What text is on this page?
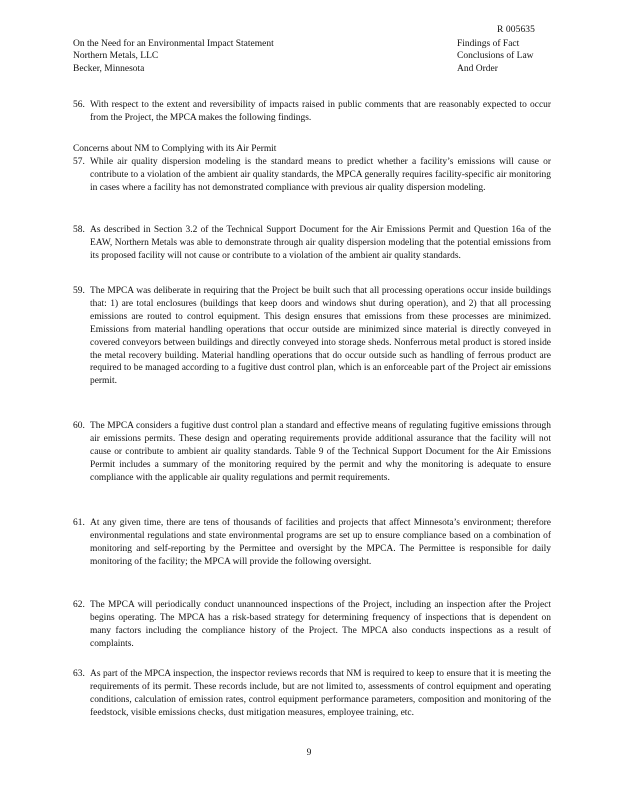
R 005635
On the Need for an Environmental Impact Statement
Northern Metals, LLC
Becker, Minnesota
Findings of Fact
Conclusions of Law
And Order
56. With respect to the extent and reversibility of impacts raised in public comments that are reasonably expected to occur from the Project, the MPCA makes the following findings.
Concerns about NM to Complying with its Air Permit
57. While air quality dispersion modeling is the standard means to predict whether a facility’s emissions will cause or contribute to a violation of the ambient air quality standards, the MPCA generally requires facility-specific air monitoring in cases where a facility has not demonstrated compliance with previous air quality dispersion modeling.
58. As described in Section 3.2 of the Technical Support Document for the Air Emissions Permit and Question 16a of the EAW, Northern Metals was able to demonstrate through air quality dispersion modeling that the potential emissions from its proposed facility will not cause or contribute to a violation of the ambient air quality standards.
59. The MPCA was deliberate in requiring that the Project be built such that all processing operations occur inside buildings that: 1) are total enclosures (buildings that keep doors and windows shut during operation), and 2) that all processing emissions are routed to control equipment. This design ensures that emissions from these processes are minimized. Emissions from material handling operations that occur outside are minimized since material is directly conveyed in covered conveyors between buildings and directly conveyed into storage sheds. Nonferrous metal product is stored inside the metal recovery building. Material handling operations that do occur outside such as handling of ferrous product are required to be managed according to a fugitive dust control plan, which is an enforceable part of the Project air emissions permit.
60. The MPCA considers a fugitive dust control plan a standard and effective means of regulating fugitive emissions through air emissions permits. These design and operating requirements provide additional assurance that the facility will not cause or contribute to ambient air quality standards. Table 9 of the Technical Support Document for the Air Emissions Permit includes a summary of the monitoring required by the permit and why the monitoring is adequate to ensure compliance with the applicable air quality regulations and permit requirements.
61. At any given time, there are tens of thousands of facilities and projects that affect Minnesota’s environment; therefore environmental regulations and state environmental programs are set up to ensure compliance based on a combination of monitoring and self-reporting by the Permittee and oversight by the MPCA. The Permittee is responsible for daily monitoring of the facility; the MPCA will provide the following oversight.
62. The MPCA will periodically conduct unannounced inspections of the Project, including an inspection after the Project begins operating. The MPCA has a risk-based strategy for determining frequency of inspections that is dependent on many factors including the compliance history of the Project. The MPCA also conducts inspections as a result of complaints.
63. As part of the MPCA inspection, the inspector reviews records that NM is required to keep to ensure that it is meeting the requirements of its permit. These records include, but are not limited to, assessments of control equipment and operating conditions, calculation of emission rates, control equipment performance parameters, composition and monitoring of the feedstock, visible emissions checks, dust mitigation measures, employee training, etc.
9
